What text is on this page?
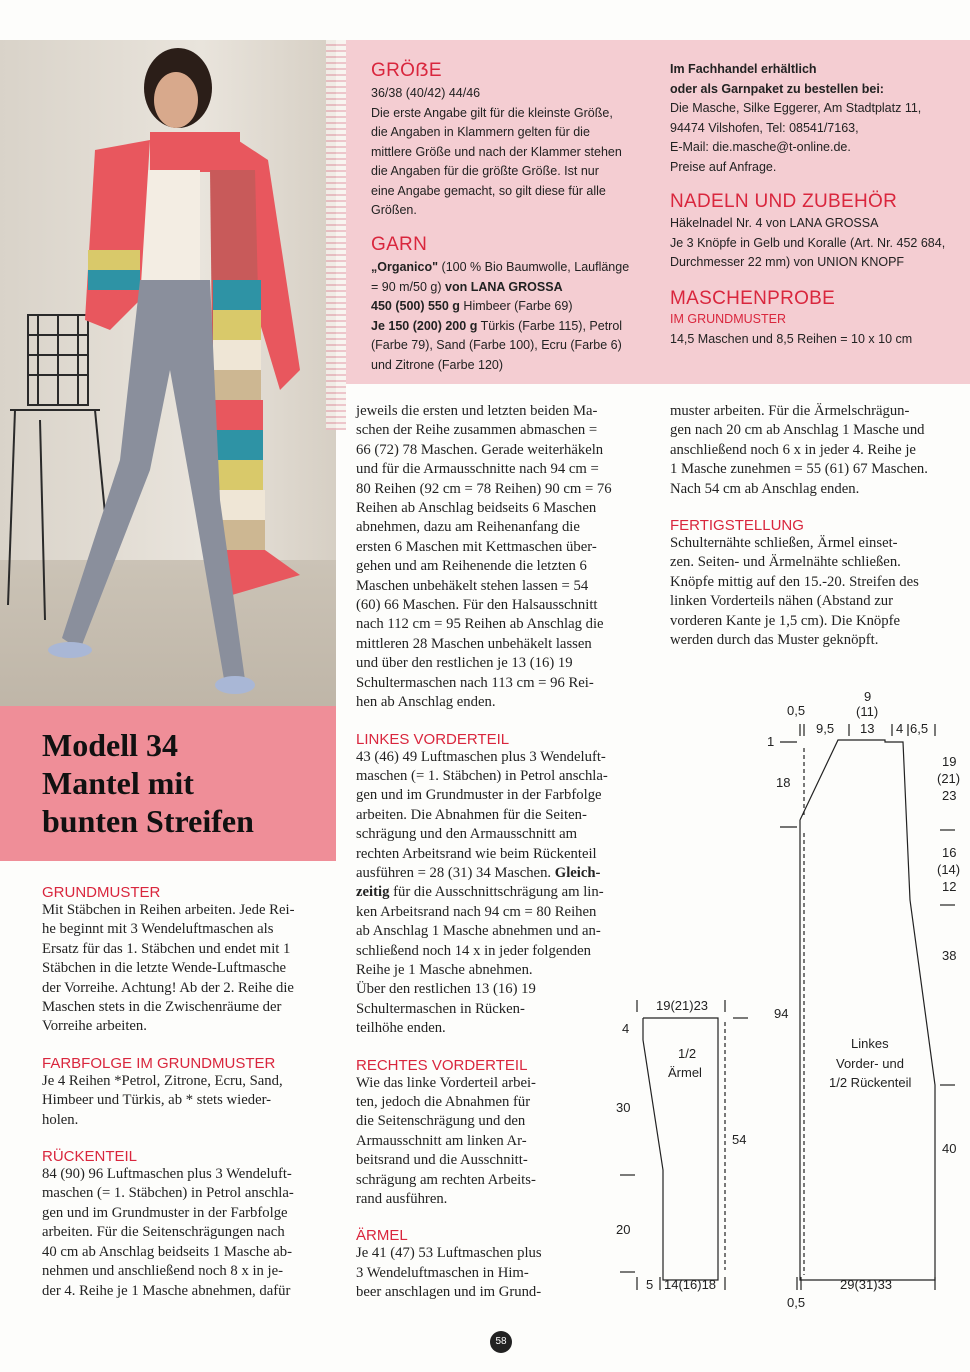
GRÖẞE
36/38 (40/42) 44/46
Die erste Angabe gilt für die kleinste Größe,
die Angaben in Klammern gelten für die
mittlere Größe und nach der Klammer stehen
die Angaben für die größte Größe. Ist nur
eine Angabe gemacht, so gilt diese für alle
Größen.
GARN
„Organico" (100 % Bio Baumwolle, Lauflänge
= 90 m/50 g) von LANA GROSSA
450 (500) 550 g Himbeer (Farbe 69)
Je 150 (200) 200 g Türkis (Farbe 115), Petrol
(Farbe 79), Sand (Farbe 100), Ecru (Farbe 6)
und Zitrone (Farbe 120)
Im Fachhandel erhältlich
oder als Garnpaket zu bestellen bei:
Die Masche, Silke Eggerer, Am Stadtplatz 11,
94474 Vilshofen, Tel: 08541/7163,
E-Mail: die.masche@t-online.de.
Preise auf Anfrage.
NADELN UND ZUBEHÖR
Häkelnadel Nr. 4 von LANA GROSSA
Je 3 Knöpfe in Gelb und Koralle (Art. Nr. 452 684,
Durchmesser 22 mm) von UNION KNOPF
MASCHENPROBE
IM GRUNDMUSTER
14,5 Maschen und 8,5 Reihen = 10 x 10 cm
Modell 34
Mantel mit
bunten Streifen
GRUNDMUSTER
Mit Stäbchen in Reihen arbeiten. Jede Rei-
he beginnt mit 3 Wendeluftmaschen als
Ersatz für das 1. Stäbchen und endet mit 1
Stäbchen in die letzte Wende-Luftmasche
der Vorreihe. Achtung! Ab der 2. Reihe die
Maschen stets in die Zwischenräume der
Vorreihe arbeiten.
FARBFOLGE IM GRUNDMUSTER
Je 4 Reihen *Petrol, Zitrone, Ecru, Sand,
Himbeer und Türkis, ab * stets wieder-
holen.
RÜCKENTEIL
84 (90) 96 Luftmaschen plus 3 Wendeluft-
maschen (= 1. Stäbchen) in Petrol anschla-
gen und im Grundmuster in der Farbfolge
arbeiten. Für die Seitenschrägungen nach
40 cm ab Anschlag beidseits 1 Masche ab-
nehmen und anschließend noch 8 x in je-
der 4. Reihe je 1 Masche abnehmen, dafür
jeweils die ersten und letzten beiden Ma-
schen der Reihe zusammen abmaschen =
66 (72) 78 Maschen. Gerade weiterhäkeln
und für die Armausschnitte nach 94 cm =
80 Reihen (92 cm = 78 Reihen) 90 cm = 76
Reihen ab Anschlag beidseits 6 Maschen
abnehmen, dazu am Reihenanfang die
ersten 6 Maschen mit Kettmaschen über-
gehen und am Reihenende die letzten 6
Maschen unbehäkelt stehen lassen = 54
(60) 66 Maschen. Für den Halsausschnitt
nach 112 cm = 95 Reihen ab Anschlag die
mittleren 28 Maschen unbehäkelt lassen
und über den restlichen je 13 (16) 19
Schultermaschen nach 113 cm = 96 Rei-
hen ab Anschlag enden.
LINKES VORDERTEIL
43 (46) 49 Luftmaschen plus 3 Wendeluft-
maschen (= 1. Stäbchen) in Petrol anschla-
gen und im Grundmuster in der Farbfolge
arbeiten. Die Abnahmen für die Seiten-
schrägung und den Armausschnitt am
rechten Arbeitsrand wie beim Rückenteil
ausführen = 28 (31) 34 Maschen. Gleich-
zeitig für die Ausschnittschrägung am lin-
ken Arbeitsrand nach 94 cm = 80 Reihen
ab Anschlag 1 Masche abnehmen und an-
schließend noch 14 x in jeder folgenden
Reihe je 1 Masche abnehmen.
Über den restlichen 13 (16) 19
Schultermaschen in Rücken-
teilhöhe enden.
RECHTES VORDERTEIL
Wie das linke Vorderteil arbei-
ten, jedoch die Abnahmen für
die Seitenschrägung und den
Armausschnitt am linken Ar-
beitsrand und die Ausschnitt-
schrägung am rechten Arbeits-
rand ausführen.
ÄRMEL
Je 41 (47) 53 Luftmaschen plus
3 Wendeluftmaschen in Him-
beer anschlagen und im Grund-
muster arbeiten. Für die Ärmelschrägun-
gen nach 20 cm ab Anschlag 1 Masche und
anschließend noch 6 x in jeder 4. Reihe je
1 Masche zunehmen = 55 (61) 67 Maschen.
Nach 54 cm ab Anschlag enden.
FERTIGSTELLUNG
Schulternähte schließen, Ärmel einset-
zen. Seiten- und Ärmelnähte schließen.
Knöpfe mittig auf den 15.-20. Streifen des
linken Vorderteils nähen (Abstand zur
vorderen Kante je 1,5 cm). Die Knöpfe
werden durch das Muster geknöpft.
19(21)23
4
30
20
54
5 14(16)18
1/2
Ärmel
0,5
9
(11)
9,5 13 4 6,5
1
18
94
19
(21)
23
16
(14)
12
38
40
0,5
29(31)33
Linkes
Vorder- und
1/2 Rückenteil
58
